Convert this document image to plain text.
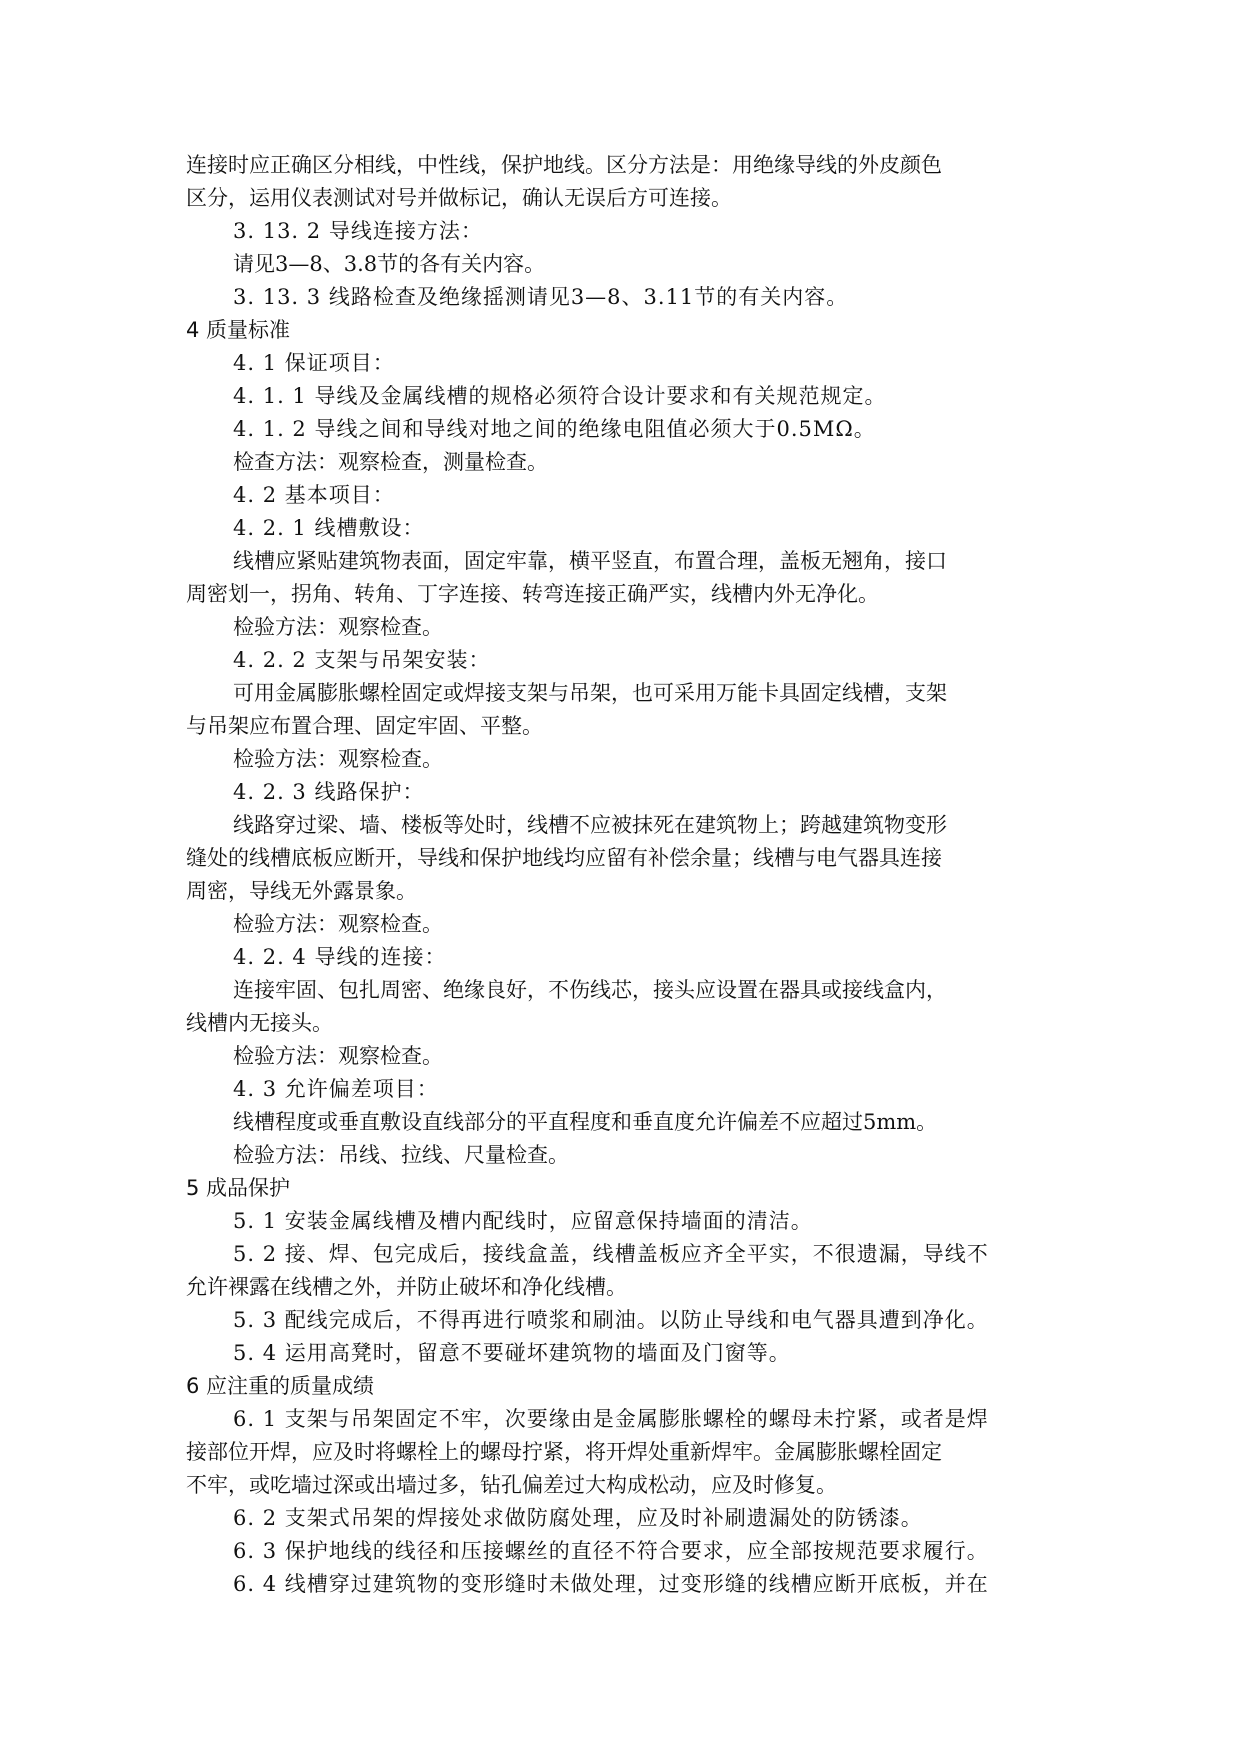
连接时应正确区分相线，中性线，保护地线。区分方法是：用绝缘导线的外皮颜色
区分，运用仪表测试对号并做标记，确认无误后方可连接。
3. 13. 2 导线连接方法：
请见3—8、3.8节的各有关内容。
3. 13. 3 线路检查及绝缘摇测请见3—8、3.11节的有关内容。
4 质量标准
4. 1 保证项目：
4. 1. 1 导线及金属线槽的规格必须符合设计要求和有关规范规定。
4. 1. 2 导线之间和导线对地之间的绝缘电阻值必须大于0.5MΩ。
检查方法：观察检查，测量检查。
4. 2 基本项目：
4. 2. 1 线槽敷设：
线槽应紧贴建筑物表面，固定牢靠，横平竖直，布置合理，盖板无翘角，接口
周密划一，拐角、转角、丁字连接、转弯连接正确严实，线槽内外无净化。
检验方法：观察检查。
4. 2. 2 支架与吊架安装：
可用金属膨胀螺栓固定或焊接支架与吊架，也可采用万能卡具固定线槽，支架
与吊架应布置合理、固定牢固、平整。
检验方法：观察检查。
4. 2. 3 线路保护：
线路穿过梁、墙、楼板等处时，线槽不应被抹死在建筑物上；跨越建筑物变形
缝处的线槽底板应断开，导线和保护地线均应留有补偿余量；线槽与电气器具连接
周密，导线无外露景象。
检验方法：观察检查。
4. 2. 4 导线的连接：
连接牢固、包扎周密、绝缘良好，不伤线芯，接头应设置在器具或接线盒内，
线槽内无接头。
检验方法：观察检查。
4. 3 允许偏差项目：
线槽程度或垂直敷设直线部分的平直程度和垂直度允许偏差不应超过5mm。
检验方法：吊线、拉线、尺量检查。
5 成品保护
5. 1 安装金属线槽及槽内配线时，应留意保持墙面的清洁。
5. 2 接、焊、包完成后，接线盒盖，线槽盖板应齐全平实，不很遗漏，导线不
允许裸露在线槽之外，并防止破坏和净化线槽。
5. 3 配线完成后，不得再进行喷浆和刷油。以防止导线和电气器具遭到净化。
5. 4 运用高凳时，留意不要碰坏建筑物的墙面及门窗等。
6 应注重的质量成绩
6. 1 支架与吊架固定不牢，次要缘由是金属膨胀螺栓的螺母未拧紧，或者是焊
接部位开焊，应及时将螺栓上的螺母拧紧，将开焊处重新焊牢。金属膨胀螺栓固定
不牢，或吃墙过深或出墙过多，钻孔偏差过大构成松动，应及时修复。
6. 2 支架式吊架的焊接处求做防腐处理，应及时补刷遗漏处的防锈漆。
6. 3 保护地线的线径和压接螺丝的直径不符合要求，应全部按规范要求履行。
6. 4 线槽穿过建筑物的变形缝时未做处理，过变形缝的线槽应断开底板，并在
